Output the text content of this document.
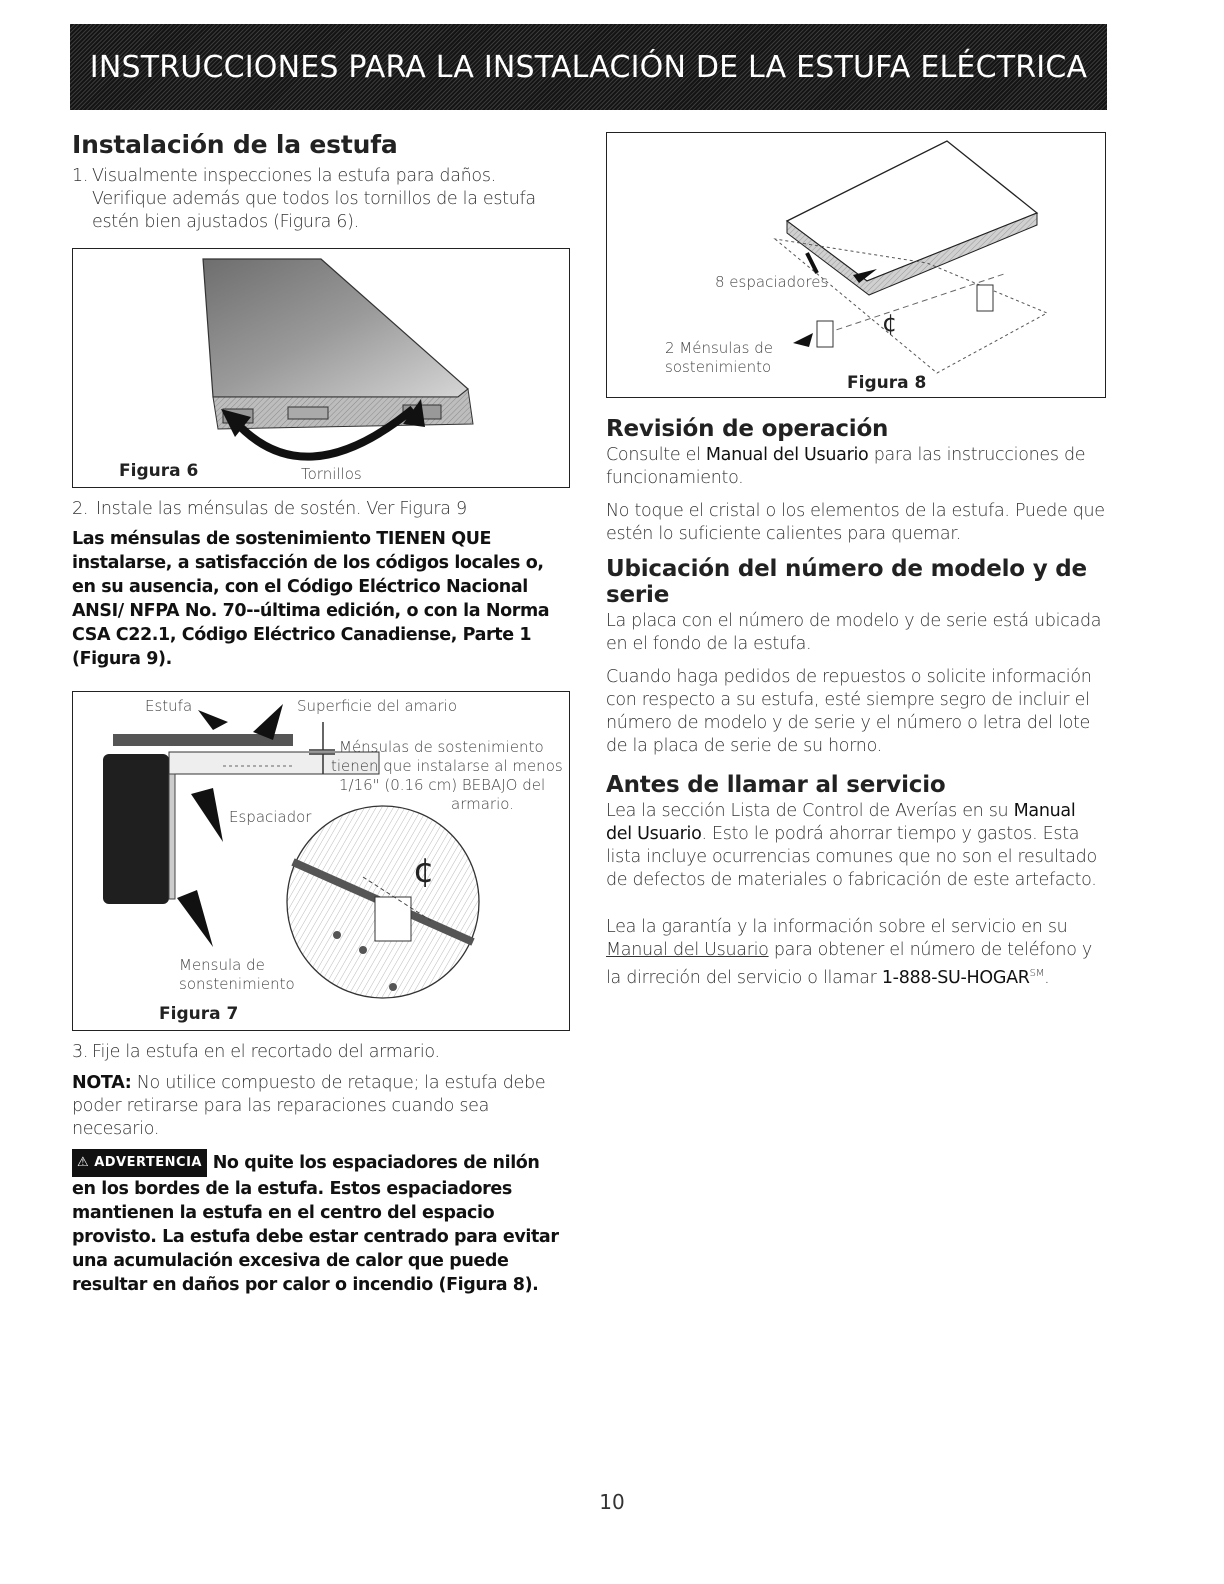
INSTRUCCIONES PARA LA INSTALACIÓN DE LA ESTUFA ELÉCTRICA
Instalación de la estufa

1. Visualmente inspecciones la estufa para daños. Verifique además que todos los tornillos de la estufa estén bien ajustados (Figura 6).

Figura 6	Tornillos

2. Instale las ménsulas de sostén. Ver Figura 9

Las ménsulas de sostenimiento TIENEN QUE instalarse, a satisfacción de los códigos locales o, en su ausencia, con el Código Eléctrico Nacional ANSI/ NFPA No. 70--última edición, o con la Norma CSA C22.1, Código Eléctrico Canadiense, Parte 1 (Figura 9).

¢
Estufa	Superficie del amario
Ménsulas de sostenimiento
tienen que instalarse al menos
1/16" (0.16 cm) BEBAJO del
armario.
Espaciador
Mensula de
sonstenimiento
Figura 7

3. Fije la estufa en el recortado del armario.

NOTA: No utilice compuesto de retaque; la estufa debe poder retirarse para las reparaciones cuando sea necesario.

⚠ ADVERTENCIA No quite los espaciadores de nilón en los bordes de la estufa. Estos espaciadores mantienen la estufa en el centro del espacio provisto. La estufa debe estar centrado para evitar una acumulación excesiva de calor que puede resultar en daños por calor o incendio (Figura 8).

¢
8 espaciadores
2 Ménsulas de
sostenimiento
Figura 8
Revisión de operación

Consulte el Manual del Usuario para las instrucciones de funcionamiento.

No toque el cristal o los elementos de la estufa. Puede que estén lo suficiente calientes para quemar.

Ubicación del número de modelo y de serie

La placa con el número de modelo y de serie está ubicada en el fondo de la estufa.

Cuando haga pedidos de repuestos o solicite información con respecto a su estufa, esté siempre segro de incluir el número de modelo y de serie y el número o letra del lote de la placa de serie de su horno.

Antes de llamar al servicio

Lea la sección Lista de Control de Averías en su Manual del Usuario. Esto le podrá ahorrar tiempo y gastos. Esta lista incluye ocurrencias comunes que no son el resultado de defectos de materiales o fabricación de este artefacto.

Lea la garantía y la información sobre el servicio en su Manual del Usuario para obtener el número de teléfono y la dirreción del servicio o llamar 1-888-SU-HOGAR℠.

10
